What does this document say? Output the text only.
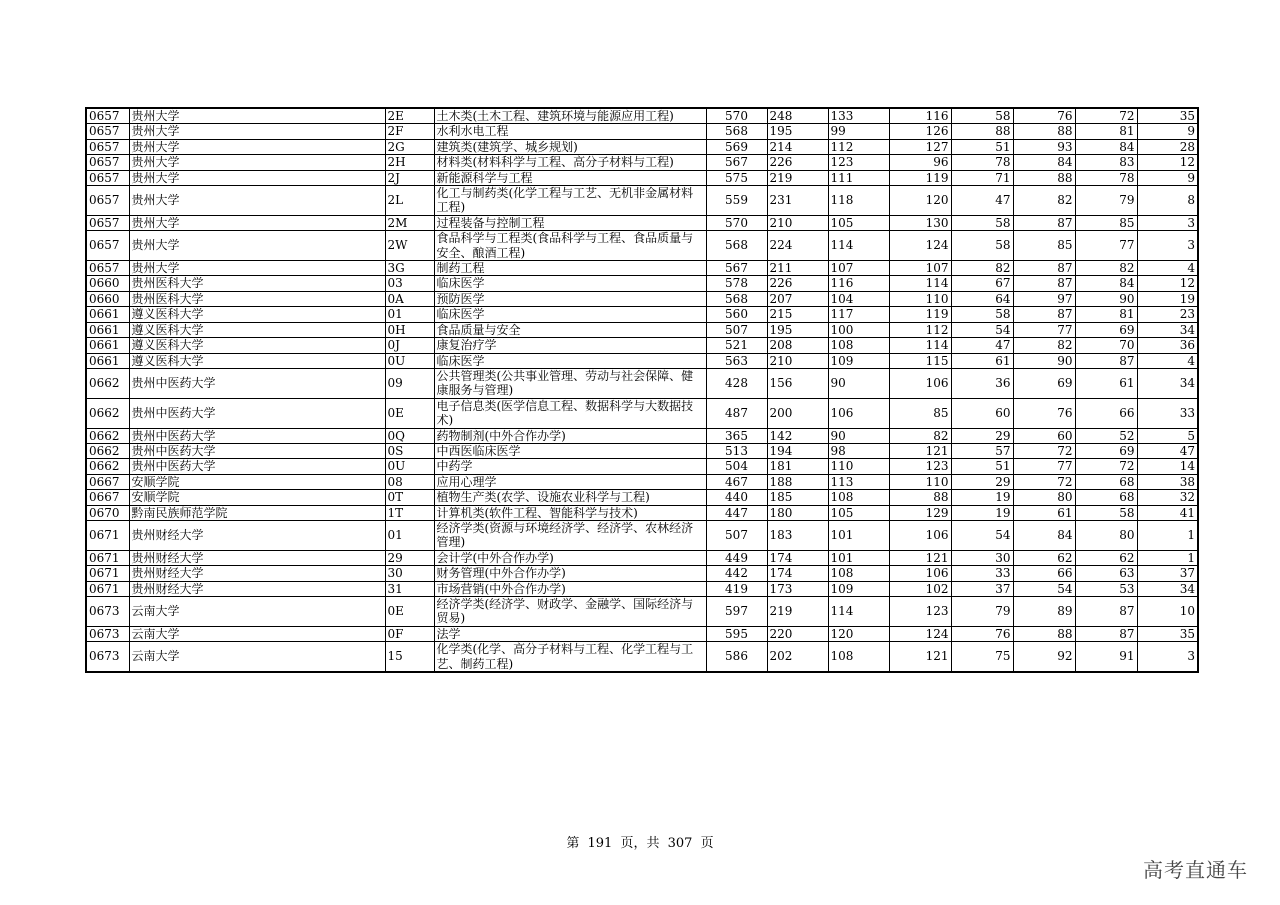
0657	贵州大学	2E	土木类(土木工程、建筑环境与能源应用工程)	570	248	133	116	58	76	72	35
0657	贵州大学	2F	水利水电工程	568	195	99	126	88	88	81	9
0657	贵州大学	2G	建筑类(建筑学、城乡规划)	569	214	112	127	51	93	84	28
0657	贵州大学	2H	材料类(材料科学与工程、高分子材料与工程)	567	226	123	96	78	84	83	12
0657	贵州大学	2J	新能源科学与工程	575	219	111	119	71	88	78	9
0657	贵州大学	2L	化工与制药类(化学工程与工艺、无机非金属材料工程)	559	231	118	120	47	82	79	8
0657	贵州大学	2M	过程装备与控制工程	570	210	105	130	58	87	85	3
0657	贵州大学	2W	食品科学与工程类(食品科学与工程、食品质量与安全、酿酒工程)	568	224	114	124	58	85	77	3
0657	贵州大学	3G	制药工程	567	211	107	107	82	87	82	4
0660	贵州医科大学	03	临床医学	578	226	116	114	67	87	84	12
0660	贵州医科大学	0A	预防医学	568	207	104	110	64	97	90	19
0661	遵义医科大学	01	临床医学	560	215	117	119	58	87	81	23
0661	遵义医科大学	0H	食品质量与安全	507	195	100	112	54	77	69	34
0661	遵义医科大学	0J	康复治疗学	521	208	108	114	47	82	70	36
0661	遵义医科大学	0U	临床医学	563	210	109	115	61	90	87	4
0662	贵州中医药大学	09	公共管理类(公共事业管理、劳动与社会保障、健康服务与管理)	428	156	90	106	36	69	61	34
0662	贵州中医药大学	0E	电子信息类(医学信息工程、数据科学与大数据技术)	487	200	106	85	60	76	66	33
0662	贵州中医药大学	0Q	药物制剂(中外合作办学)	365	142	90	82	29	60	52	5
0662	贵州中医药大学	0S	中西医临床医学	513	194	98	121	57	72	69	47
0662	贵州中医药大学	0U	中药学	504	181	110	123	51	77	72	14
0667	安顺学院	08	应用心理学	467	188	113	110	29	72	68	38
0667	安顺学院	0T	植物生产类(农学、设施农业科学与工程)	440	185	108	88	19	80	68	32
0670	黔南民族师范学院	1T	计算机类(软件工程、智能科学与技术)	447	180	105	129	19	61	58	41
0671	贵州财经大学	01	经济学类(资源与环境经济学、经济学、农林经济管理)	507	183	101	106	54	84	80	1
0671	贵州财经大学	29	会计学(中外合作办学)	449	174	101	121	30	62	62	1
0671	贵州财经大学	30	财务管理(中外合作办学)	442	174	108	106	33	66	63	37
0671	贵州财经大学	31	市场营销(中外合作办学)	419	173	109	102	37	54	53	34
0673	云南大学	0E	经济学类(经济学、财政学、金融学、国际经济与贸易)	597	219	114	123	79	89	87	10
0673	云南大学	0F	法学	595	220	120	124	76	88	87	35
0673	云南大学	15	化学类(化学、高分子材料与工程、化学工程与工艺、制药工程)	586	202	108	121	75	92	91	3
第 191 页，共 307 页
高考直通车
